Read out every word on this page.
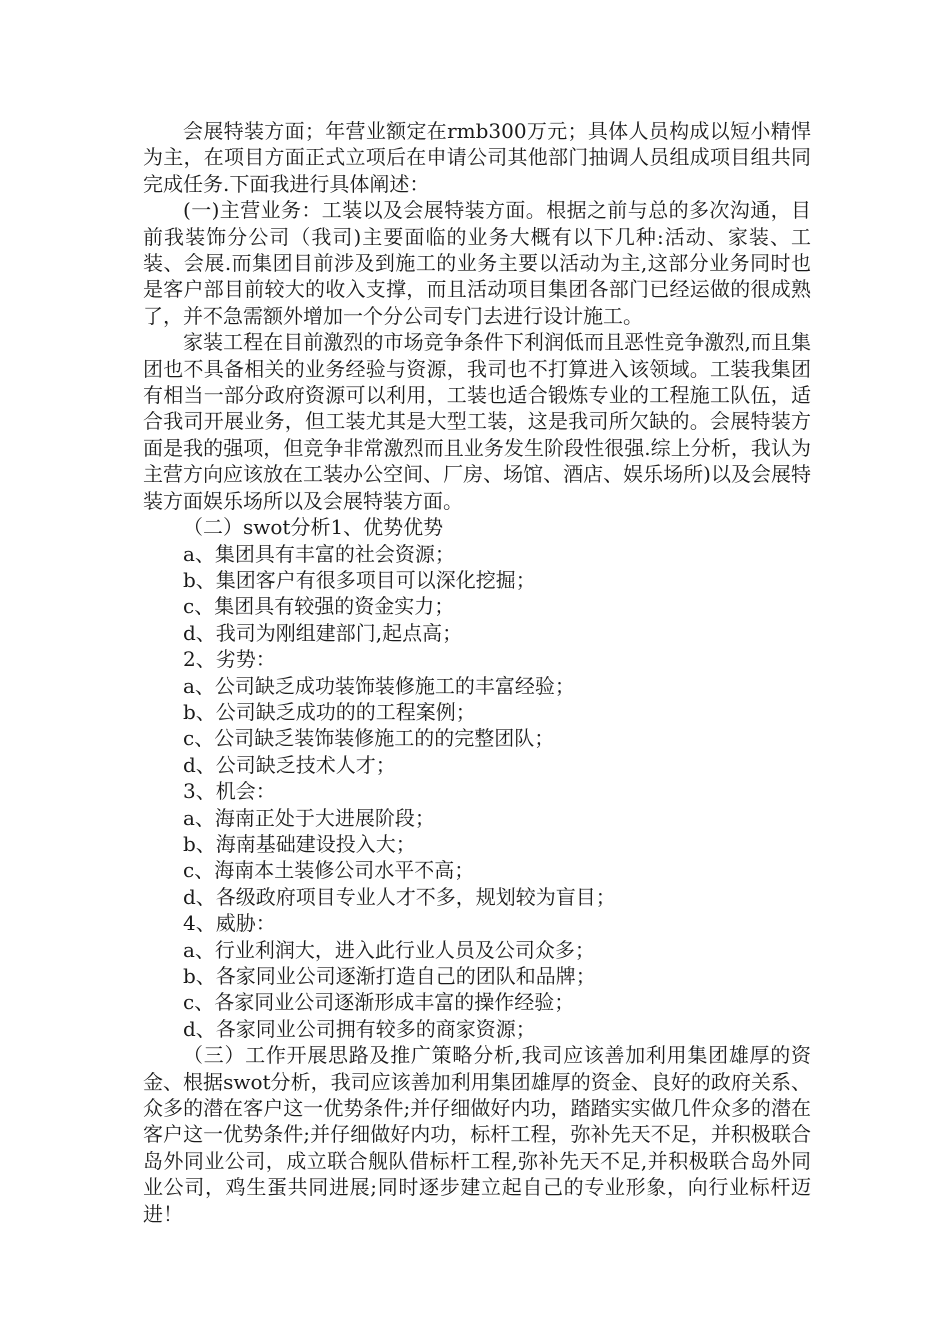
会展特装方面；年营业额定在rmb300万元；具体人员构成以短小精悍为主，在项目方面正式立项后在申请公司其他部门抽调人员组成项目组共同完成任务.下面我进行具体阐述：

(一)主营业务：工装以及会展特装方面。根据之前与总的多次沟通，目前我装饰分公司（我司)主要面临的业务大概有以下几种:活动、家装、工装、会展.而集团目前涉及到施工的业务主要以活动为主,这部分业务同时也是客户部目前较大的收入支撑，而且活动项目集团各部门已经运做的很成熟了，并不急需额外增加一个分公司专门去进行设计施工。

家装工程在目前激烈的市场竞争条件下利润低而且恶性竞争激烈,而且集团也不具备相关的业务经验与资源，我司也不打算进入该领域。工装我集团有相当一部分政府资源可以利用，工装也适合锻炼专业的工程施工队伍，适合我司开展业务，但工装尤其是大型工装，这是我司所欠缺的。会展特装方面是我的强项，但竞争非常激烈而且业务发生阶段性很强.综上分析，我认为主营方向应该放在工装办公空间、厂房、场馆、酒店、娱乐场所)以及会展特装方面娱乐场所以及会展特装方面。

（二）swot分析1、优势优势

a、集团具有丰富的社会资源；

b、集团客户有很多项目可以深化挖掘；

c、集团具有较强的资金实力；

d、我司为刚组建部门,起点高；

2、劣势：

a、公司缺乏成功装饰装修施工的丰富经验；

b、公司缺乏成功的的工程案例；

c、公司缺乏装饰装修施工的的完整团队；

d、公司缺乏技术人才；

3、机会：

a、海南正处于大进展阶段；

b、海南基础建设投入大；

c、海南本土装修公司水平不高；

d、各级政府项目专业人才不多，规划较为盲目；

4、威胁：

a、行业利润大，进入此行业人员及公司众多；

b、各家同业公司逐渐打造自己的团队和品牌；

c、各家同业公司逐渐形成丰富的操作经验；

d、各家同业公司拥有较多的商家资源；

（三）工作开展思路及推广策略分析,我司应该善加利用集团雄厚的资金、根据swot分析，我司应该善加利用集团雄厚的资金、良好的政府关系、众多的潜在客户这一优势条件;并仔细做好内功，踏踏实实做几件众多的潜在客户这一优势条件;并仔细做好内功，标杆工程，弥补先天不足，并积极联合岛外同业公司，成立联合舰队借标杆工程,弥补先天不足,并积极联合岛外同业公司，鸡生蛋共同进展;同时逐步建立起自己的专业形象，向行业标杆迈进！
